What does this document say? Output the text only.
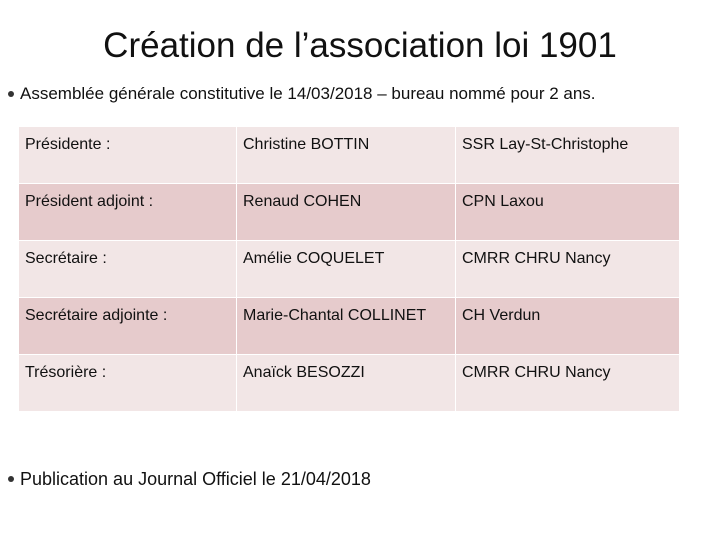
Création de l’association loi 1901
Assemblée générale constitutive le 14/03/2018 – bureau nommé pour 2 ans.
Présidente :	Christine BOTTIN	SSR Lay-St-Christophe
Président adjoint :	Renaud COHEN	CPN Laxou
Secrétaire :	Amélie COQUELET	CMRR CHRU Nancy
Secrétaire adjointe :	Marie-Chantal COLLINET	CH Verdun
Trésorière :	Anaïck BESOZZI	CMRR CHRU Nancy
Publication au Journal Officiel le 21/04/2018
